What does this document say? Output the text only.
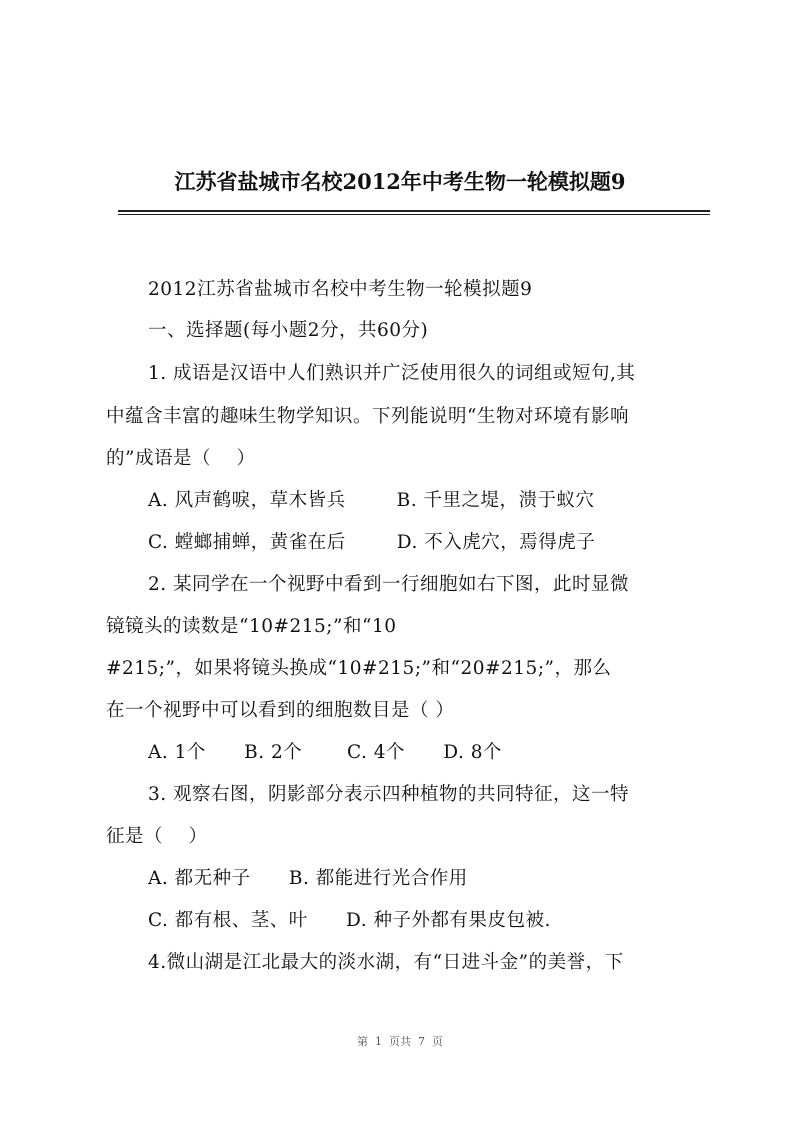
江苏省盐城市名校2012年中考生物一轮模拟题9
2012江苏省盐城市名校中考生物一轮模拟题9
一、选择题(每小题2分，共60分)
1. 成语是汉语中人们熟识并广泛使用很久的词组或短句,其
中蕴含丰富的趣味生物学知识。下列能说明“生物对环境有影响
的”成语是（    ）
A. 风声鹤唳，草木皆兵        B. 千里之堤，溃于蚁穴
C. 螳螂捕蝉，黄雀在后        D. 不入虎穴，焉得虎子
2. 某同学在一个视野中看到一行细胞如右下图，此时显微
镜镜头的读数是“10#215;”和“10
#215;”，如果将镜头换成“10#215;”和“20#215;”，那么
在一个视野中可以看到的细胞数目是（ ）
A. 1个      B. 2个       C. 4个      D. 8个
3. 观察右图，阴影部分表示四种植物的共同特征，这一特
征是（    ）
A. 都无种子      B. 都能进行光合作用
C. 都有根、茎、叶      D. 种子外都有果皮包被.
4.微山湖是江北最大的淡水湖，有“日进斗金”的美誉，下
第  1  页共  7  页
